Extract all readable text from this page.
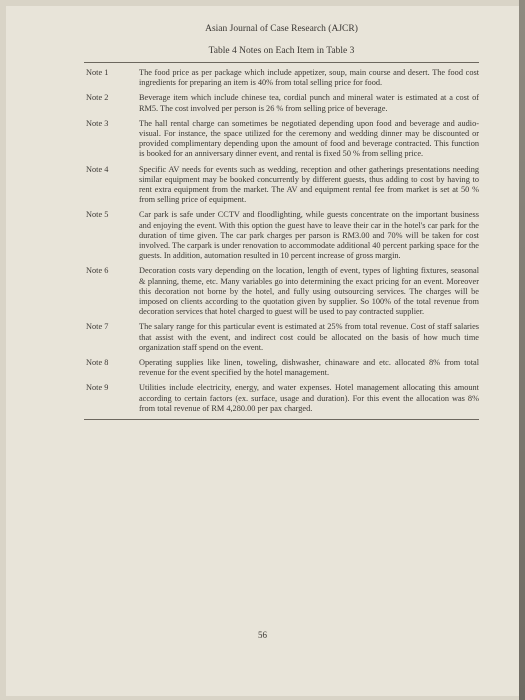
Asian Journal of Case Research (AJCR)
Table 4 Notes on Each Item in Table 3
Note 1	The food price as per package which include appetizer, soup, main course and desert. The food cost ingredients for preparing an item is 40% from total selling price for food.
Note 2	Beverage item which include chinese tea, cordial punch and mineral water is estimated at a cost of RM5. The cost involved per person is 26 % from selling price of beverage.
Note 3	The hall rental charge can sometimes be negotiated depending upon food and beverage and audio-visual. For instance, the space utilized for the ceremony and wedding dinner may be discounted or provided complimentary depending upon the amount of food and beverage contracted. This function is booked for an anniversary dinner event, and rental is fixed 50 % from selling price.
Note 4	Specific AV needs for events such as wedding, reception and other gatherings presentations needing similar equipment may be booked concurrently by different guests, thus adding to cost by having to rent extra equipment from the market. The AV and equipment rental fee from market is set at 50 % from selling price of equipment.
Note 5	Car park is safe under CCTV and floodlighting, while guests concentrate on the important business and enjoying the event. With this option the guest have to leave their car in the hotel's car park for the duration of time given. The car park charges per parson is RM3.00 and 70% will be taken for cost involved. The carpark is under renovation to accommodate additional 40 percent parking space for the guests. In addition, automation resulted in 10 percent increase of gross margin.
Note 6	Decoration costs vary depending on the location, length of event, types of lighting fixtures, seasonal & planning, theme, etc. Many variables go into determining the exact pricing for an event. Moreover this decoration not borne by the hotel, and fully using outsourcing services. The charges will be imposed on clients according to the quotation given by supplier. So 100% of the total revenue from decoration services that hotel charged to guest will be used to pay contracted supplier.
Note 7	The salary range for this particular event is estimated at 25% from total revenue. Cost of staff salaries that assist with the event, and indirect cost could be allocated on the basis of how much time organization staff spend on the event.
Note 8	Operating supplies like linen, toweling, dishwasher, chinaware and etc. allocated 8% from total revenue for the event specified by the hotel management.
Note 9	Utilities include electricity, energy, and water expenses. Hotel management allocating this amount according to certain factors (ex. surface, usage and duration). For this event the allocation was 8% from total revenue of RM 4,280.00 per pax charged.
56
